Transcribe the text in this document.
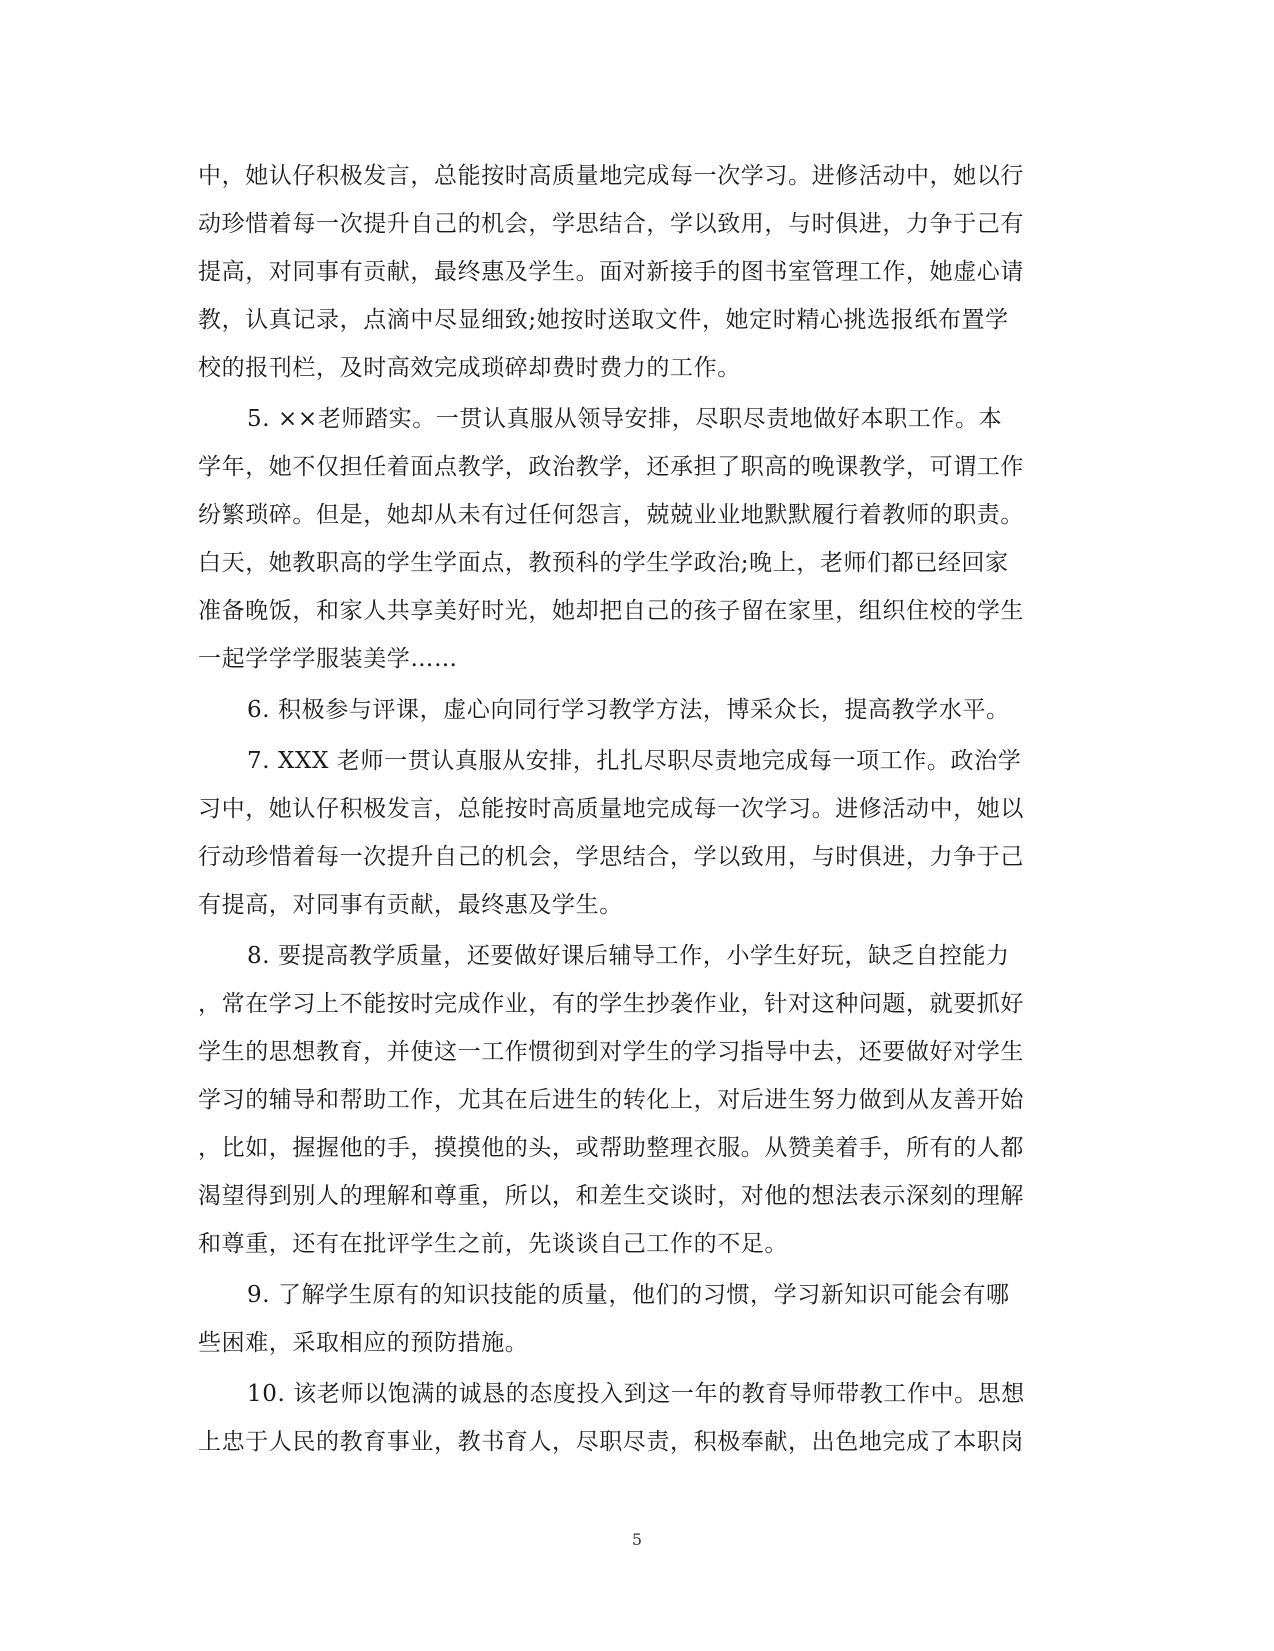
中，她认仔积极发言，总能按时高质量地完成每一次学习。进修活动中，她以行
动珍惜着每一次提升自己的机会，学思结合，学以致用，与时俱进，力争于己有
提高，对同事有贡献，最终惠及学生。面对新接手的图书室管理工作，她虚心请
教，认真记录，点滴中尽显细致;她按时送取文件，她定时精心挑选报纸布置学
校的报刊栏，及时高效完成琐碎却费时费力的工作。
5. ××老师踏实。一贯认真服从领导安排，尽职尽责地做好本职工作。本
学年，她不仅担任着面点教学，政治教学，还承担了职高的晚课教学，可谓工作
纷繁琐碎。但是，她却从未有过任何怨言，兢兢业业地默默履行着教师的职责。
白天，她教职高的学生学面点，教预科的学生学政治;晚上，老师们都已经回家
准备晚饭，和家人共享美好时光，她却把自己的孩子留在家里，组织住校的学生
一起学学学服装美学……
6. 积极参与评课，虚心向同行学习教学方法，博采众长，提高教学水平。
7. XXX 老师一贯认真服从安排，扎扎尽职尽责地完成每一项工作。政治学
习中，她认仔积极发言，总能按时高质量地完成每一次学习。进修活动中，她以
行动珍惜着每一次提升自己的机会，学思结合，学以致用，与时俱进，力争于己
有提高，对同事有贡献，最终惠及学生。
8. 要提高教学质量，还要做好课后辅导工作，小学生好玩，缺乏自控能力
，常在学习上不能按时完成作业，有的学生抄袭作业，针对这种问题，就要抓好
学生的思想教育，并使这一工作惯彻到对学生的学习指导中去，还要做好对学生
学习的辅导和帮助工作，尤其在后进生的转化上，对后进生努力做到从友善开始
，比如，握握他的手，摸摸他的头，或帮助整理衣服。从赞美着手，所有的人都
渴望得到别人的理解和尊重，所以，和差生交谈时，对他的想法表示深刻的理解
和尊重，还有在批评学生之前，先谈谈自己工作的不足。
9. 了解学生原有的知识技能的质量，他们的习惯，学习新知识可能会有哪
些困难，采取相应的预防措施。
10. 该老师以饱满的诚恳的态度投入到这一年的教育导师带教工作中。思想
上忠于人民的教育事业，教书育人，尽职尽责，积极奉献，出色地完成了本职岗
5
